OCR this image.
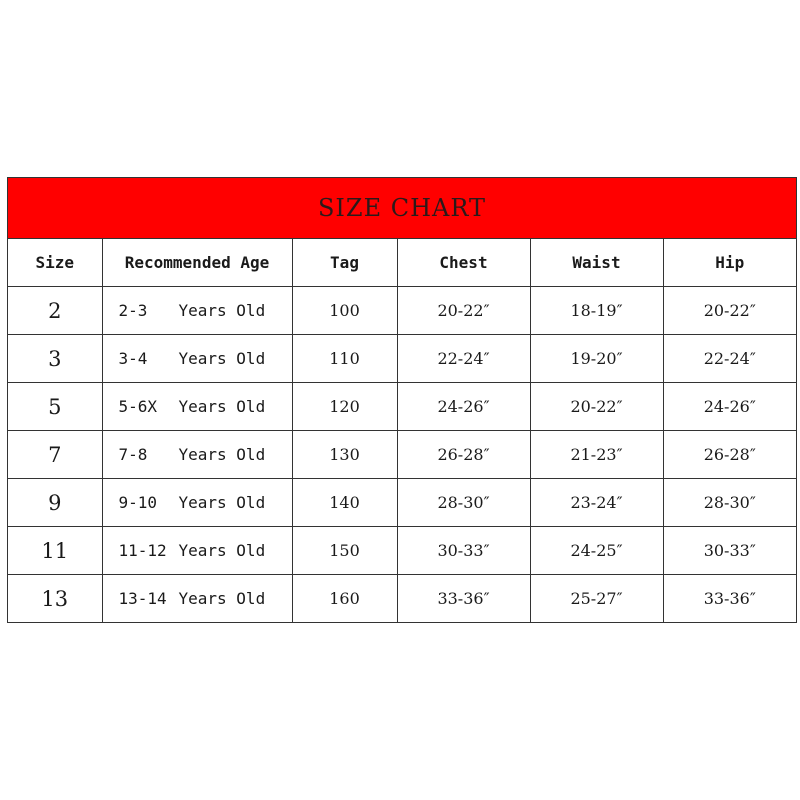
SIZE CHART
Size	Recommended Age	Tag	Chest	Waist	Hip
2	2-3 Years Old	100	20-22″	18-19″	20-22″
3	3-4 Years Old	110	22-24″	19-20″	22-24″
5	5-6X Years Old	120	24-26″	20-22″	24-26″
7	7-8 Years Old	130	26-28″	21-23″	26-28″
9	9-10 Years Old	140	28-30″	23-24″	28-30″
11	11-12 Years Old	150	30-33″	24-25″	30-33″
13	13-14 Years Old	160	33-36″	25-27″	33-36″
